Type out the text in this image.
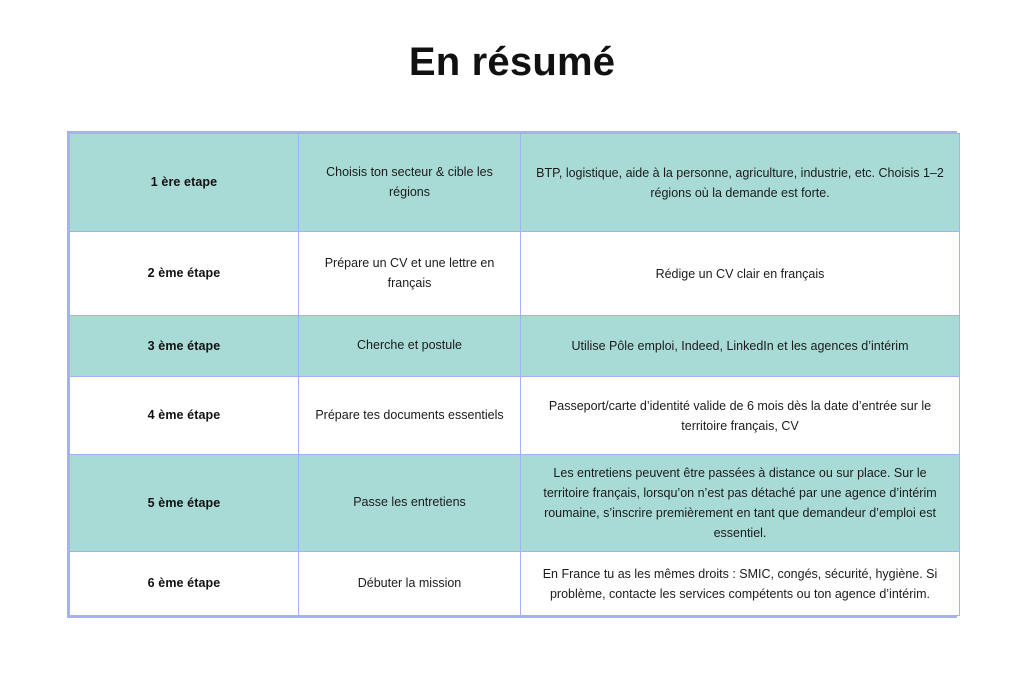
En résumé
1 ère etape	Choisis ton secteur & cible les régions	BTP, logistique, aide à la personne, agriculture, industrie, etc. Choisis 1–2 régions où la demande est forte.
2 ème étape	Prépare un CV et une lettre en français	Rédige un CV clair en français
3 ème étape	Cherche et postule	Utilise Pôle emploi, Indeed, LinkedIn et les agences d’intérim
4 ème étape	Prépare tes documents essentiels	Passeport/carte d’identité valide de 6 mois dès la date d’entrée sur le territoire français, CV
5 ème étape	Passe les entretiens	Les entretiens peuvent être passées à distance ou sur place. Sur le territoire français, lorsqu’on n’est pas détaché par une agence d’intérim roumaine, s’inscrire premièrement en tant que demandeur d’emploi est essentiel.
6 ème étape	Débuter la mission	En France tu as les mêmes droits : SMIC, congés, sécurité, hygiène. Si problème, contacte les services compétents ou ton agence d’intérim.
